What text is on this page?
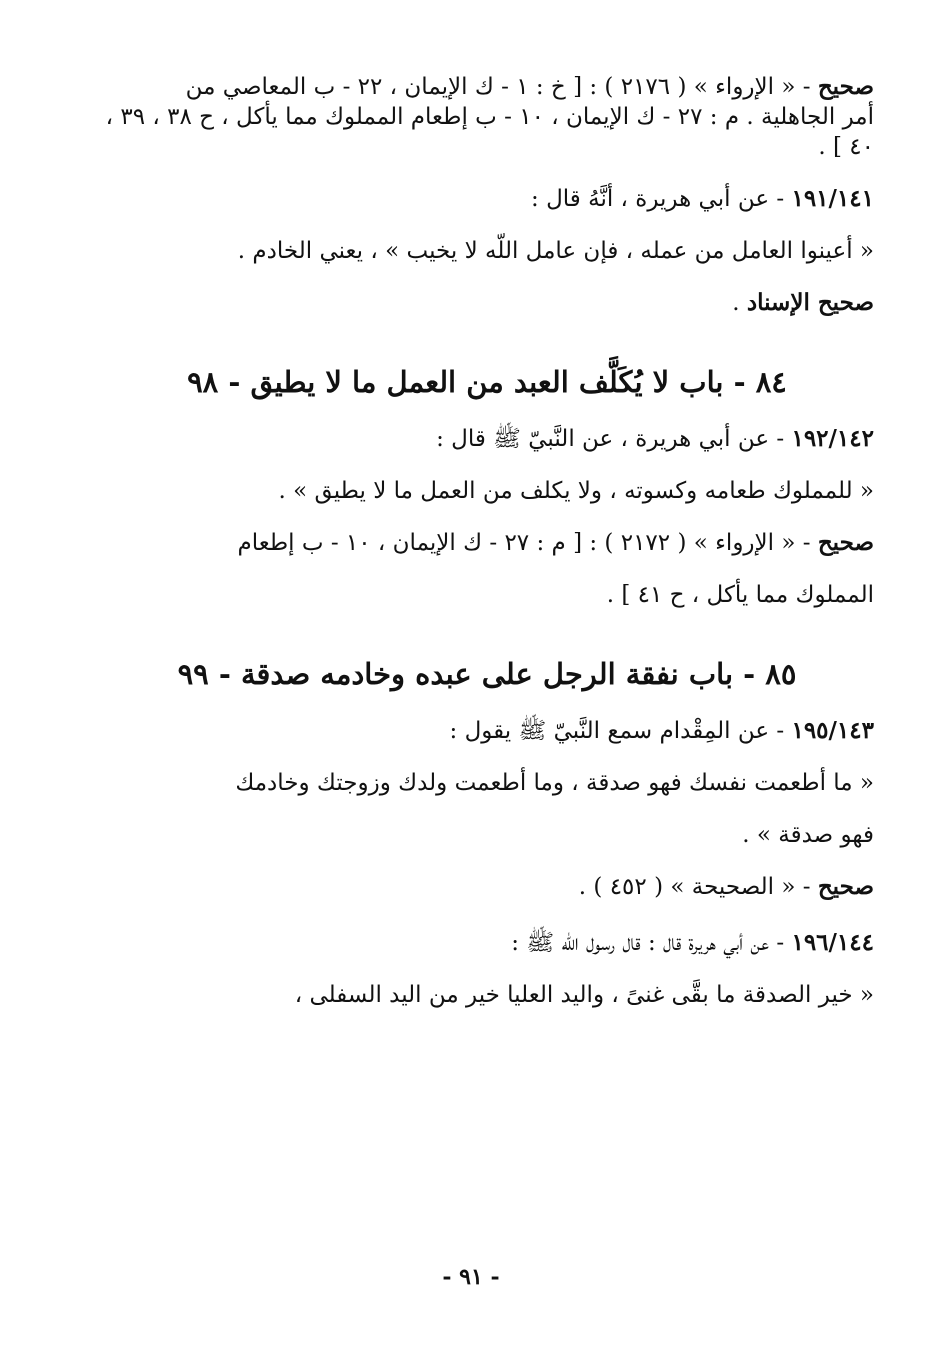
صحيح - « الإرواء » ( ٢١٧٦ ) : [ خ : ١ - ك الإيمان ، ٢٢ - ب المعاصي من
أمر الجاهلية . م : ٢٧ - ك الإيمان ، ١٠ - ب إطعام المملوك مما يأكل ، ح ٣٨ ، ٣٩ ،
٤٠ ] .
١٩١/١٤١ - عن أبي هريرة ، أنَّهُ قال :
« أعينوا العامل من عمله ، فإن عامل اللّه لا يخيب » ، يعني الخادم .
صحيح الإسناد .
٨٤ - باب لا يُكَلَّف العبد من العمل ما لا يطيق - ٩٨
١٩٢/١٤٢ - عن أبي هريرة ، عن النَّبيّ ﷺ قال :
« للمملوك طعامه وكسوته ، ولا يكلف من العمل ما لا يطيق » .
صحيح - « الإرواء » ( ٢١٧٢ ) : [ م : ٢٧ - ك الإيمان ، ١٠ - ب إطعام
المملوك مما يأكل ، ح ٤١ ] .
٨٥ - باب نفقة الرجل على عبده وخادمه صدقة - ٩٩
١٩٥/١٤٣ - عن المِقْدام سمع النَّبيّ ﷺ يقول :
« ما أطعمت نفسك فهو صدقة ، وما أطعمت ولدك وزوجتك وخادمك
فهو صدقة » .
صحيح - « الصحيحة » ( ٤٥٢ ) .
١٩٦/١٤٤ - عن أبي هريرة قال : قال رسول اللّه ﷺ :
« خير الصدقة ما بقَّى غنىً ، واليد العليا خير من اليد السفلى ،
- ٩١ -
